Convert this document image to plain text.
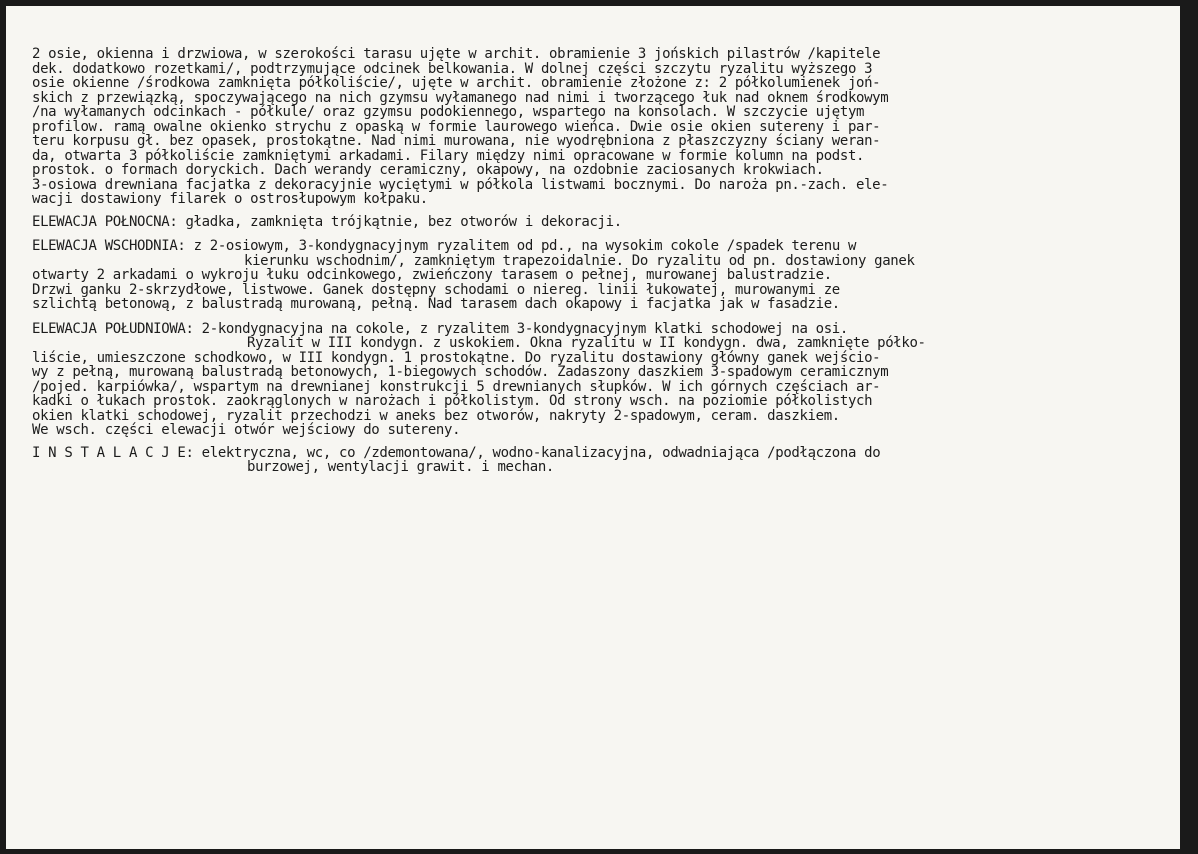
2 osie, okienna i drzwiowa, w szerokości tarasu ujęte w archit. obramienie 3 jońskich pilastrów /kapitele
dek. dodatkowo rozetkami/, podtrzymujące odcinek belkowania. W dolnej części szczytu ryzalitu wyższego 3
osie okienne /środkowa zamknięta półkoliście/, ujęte w archit. obramienie złożone z: 2 półkolumienek joń-
skich z przewiązką, spoczywającego na nich gzymsu wyłamanego nad nimi i tworzącego łuk nad oknem środkowym
/na wyłamanych odcinkach - półkule/ oraz gzymsu podokiennego, wspartego na konsolach. W szczycie ujętym
profilow. ramą owalne okienko strychu z opaską w formie laurowego wieńca. Dwie osie okien sutereny i par-
teru korpusu gł. bez opasek, prostokątne. Nad nimi murowana, nie wyodrębniona z płaszczyzny ściany weran-
da, otwarta 3 półkoliście zamkniętymi arkadami. Filary między nimi opracowane w formie kolumn na podst.
prostok. o formach doryckich. Dach werandy ceramiczny, okapowy, na ozdobnie zaciosanych krokwiach.
3-osiowa drewniana facjatka z dekoracyjnie wyciętymi w półkola listwami bocznymi. Do naroża pn.-zach. ele-
wacji dostawiony filarek o ostrosłupowym kołpaku.
ELEWACJA POŁNOCNA: gładka, zamknięta trójkątnie, bez otworów i dekoracji.
ELEWACJA WSCHODNIA: z 2-osiowym, 3-kondygnacyjnym ryzalitem od pd., na wysokim cokole /spadek terenu w
kierunku wschodnim/, zamkniętym trapezoidalnie. Do ryzalitu od pn. dostawiony ganek
otwarty 2 arkadami o wykroju łuku odcinkowego, zwieńczony tarasem o pełnej, murowanej balustradzie.
Drzwi ganku 2-skrzydłowe, listwowe. Ganek dostępny schodami o niereg. linii łukowatej, murowanymi ze
szlichtą betonową, z balustradą murowaną, pełną. Nad tarasem dach okapowy i facjatka jak w fasadzie.
ELEWACJA POŁUDNIOWA: 2-kondygnacyjna na cokole, z ryzalitem 3-kondygnacyjnym klatki schodowej na osi.
Ryzalit w III kondygn. z uskokiem. Okna ryzalitu w II kondygn. dwa, zamknięte półko-
liście, umieszczone schodkowo, w III kondygn. 1 prostokątne. Do ryzalitu dostawiony główny ganek wejścio-
wy z pełną, murowaną balustradą betonowych, 1-biegowych schodów. Zadaszony daszkiem 3-spadowym ceramicznym
/pojed. karpiówka/, wspartym na drewnianej konstrukcji 5 drewnianych słupków. W ich górnych częściach ar-
kadki o łukach prostok. zaokrąglonych w narożach i półkolistym. Od strony wsch. na poziomie półkolistych
okien klatki schodowej, ryzalit przechodzi w aneks bez otworów, nakryty 2-spadowym, ceram. daszkiem.
We wsch. części elewacji otwór wejściowy do sutereny.
I N S T A L A C J E: elektryczna, wc, co /zdemontowana/, wodno-kanalizacyjna, odwadniająca /podłączona do
burzowej, wentylacji grawit. i mechan.
